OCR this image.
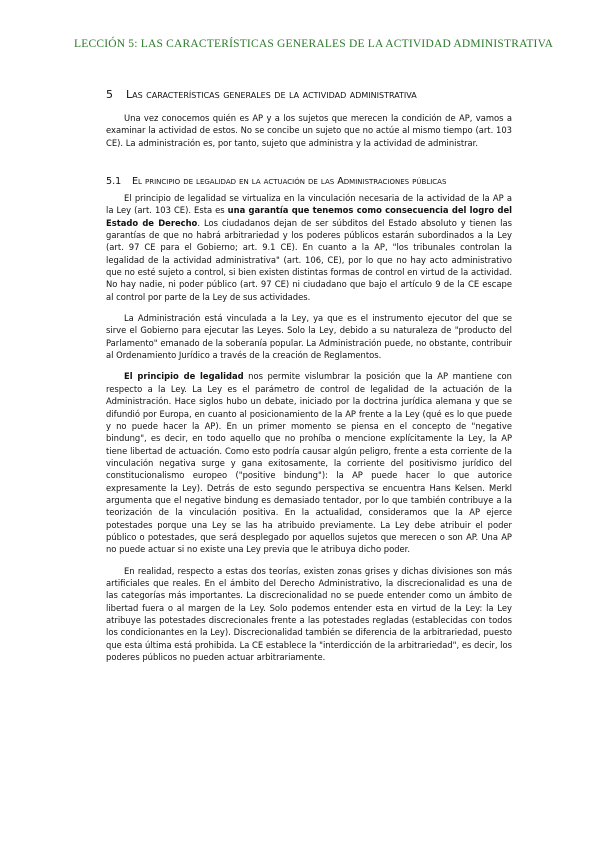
LECCIÓN 5: LAS CARACTERÍSTICAS GENERALES DE LA ACTIVIDAD ADMINISTRATIVA
5 Las características generales de la actividad administrativa

Una vez conocemos quién es AP y a los sujetos que merecen la condición de AP, vamos a examinar la actividad de estos. No se concibe un sujeto que no actúe al mismo tiempo (art. 103 CE). La administración es, por tanto, sujeto que administra y la actividad de administrar.

5.1 El principio de legalidad en la actuación de las Administraciones públicas

El principio de legalidad se virtualiza en la vinculación necesaria de la actividad de la AP a la Ley (art. 103 CE). Esta es una garantía que tenemos como consecuencia del logro del Estado de Derecho. Los ciudadanos dejan de ser súbditos del Estado absoluto y tienen las garantías de que no habrá arbitrariedad y los poderes públicos estarán subordinados a la Ley (art. 97 CE para el Gobierno; art. 9.1 CE). En cuanto a la AP, "los tribunales controlan la legalidad de la actividad administrativa" (art. 106, CE), por lo que no hay acto administrativo que no esté sujeto a control, si bien existen distintas formas de control en virtud de la actividad. No hay nadie, ni poder público (art. 97 CE) ni ciudadano que bajo el artículo 9 de la CE escape al control por parte de la Ley de sus actividades.

La Administración está vinculada a la Ley, ya que es el instrumento ejecutor del que se sirve el Gobierno para ejecutar las Leyes. Solo la Ley, debido a su naturaleza de "producto del Parlamento" emanado de la soberanía popular. La Administración puede, no obstante, contribuir al Ordenamiento Jurídico a través de la creación de Reglamentos.

El principio de legalidad nos permite vislumbrar la posición que la AP mantiene con respecto a la Ley. La Ley es el parámetro de control de legalidad de la actuación de la Administración. Hace siglos hubo un debate, iniciado por la doctrina jurídica alemana y que se difundió por Europa, en cuanto al posicionamiento de la AP frente a la Ley (qué es lo que puede y no puede hacer la AP). En un primer momento se piensa en el concepto de "negative bindung", es decir, en todo aquello que no prohíba o mencione explícitamente la Ley, la AP tiene libertad de actuación. Como esto podría causar algún peligro, frente a esta corriente de la vinculación negativa surge y gana exitosamente, la corriente del positivismo jurídico del constitucionalismo europeo ("positive bindung"): la AP puede hacer lo que autorice expresamente la Ley). Detrás de esto segundo perspectiva se encuentra Hans Kelsen. Merkl argumenta que el negative bindung es demasiado tentador, por lo que también contribuye a la teorización de la vinculación positiva. En la actualidad, consideramos que la AP ejerce potestades porque una Ley se las ha atribuido previamente. La Ley debe atribuir el poder público o potestades, que será desplegado por aquellos sujetos que merecen o son AP. Una AP no puede actuar si no existe una Ley previa que le atribuya dicho poder.

En realidad, respecto a estas dos teorías, existen zonas grises y dichas divisiones son más artificiales que reales. En el ámbito del Derecho Administrativo, la discrecionalidad es una de las categorías más importantes. La discrecionalidad no se puede entender como un ámbito de libertad fuera o al margen de la Ley. Solo podemos entender esta en virtud de la Ley: la Ley atribuye las potestades discrecionales frente a las potestades regladas (establecidas con todos los condicionantes en la Ley). Discrecionalidad también se diferencia de la arbitrariedad, puesto que esta última está prohibida. La CE establece la "interdicción de la arbitrariedad", es decir, los poderes públicos no pueden actuar arbitrariamente.
